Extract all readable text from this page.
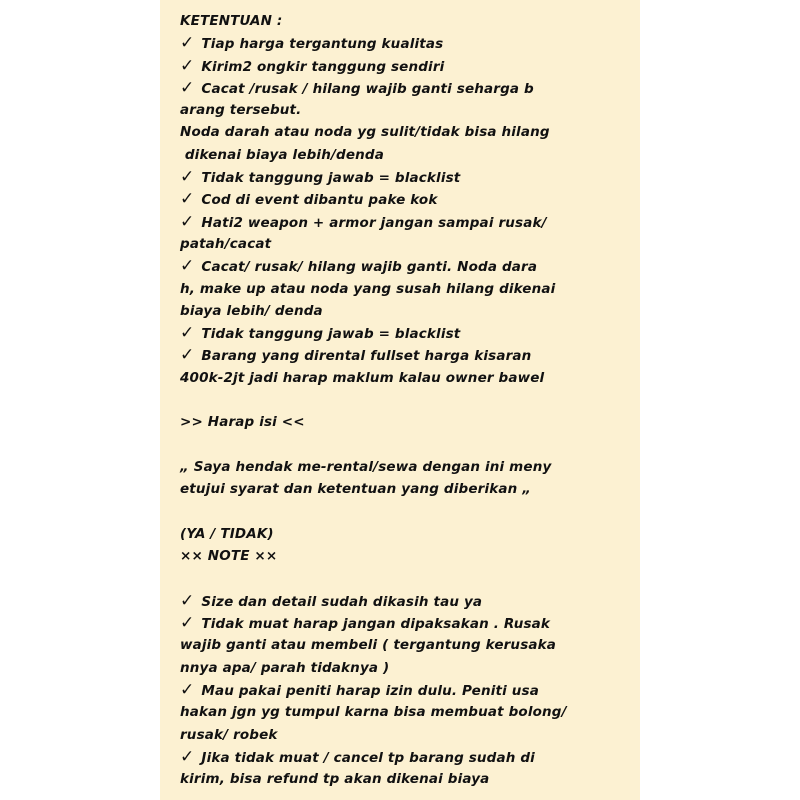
KETENTUAN :
✓ Tiap harga tergantung kualitas
✓ Kirim2 ongkir tanggung sendiri
✓ Cacat /rusak / hilang wajib ganti seharga b
arang tersebut.
Noda darah atau noda yg sulit/tidak bisa hilang
dikenai biaya lebih/denda
✓ Tidak tanggung jawab = blacklist
✓ Cod di event dibantu pake kok
✓ Hati2 weapon + armor jangan sampai rusak/
patah/cacat
✓ Cacat/ rusak/ hilang wajib ganti. Noda dara
h, make up atau noda yang susah hilang dikenai
biaya lebih/ denda
✓ Tidak tanggung jawab = blacklist
✓ Barang yang dirental fullset harga kisaran
400k-2jt jadi harap maklum kalau owner bawel
>> Harap isi <<
„ Saya hendak me-rental/sewa dengan ini meny
etujui syarat dan ketentuan yang diberikan „
(YA / TIDAK)
×× NOTE ××
✓ Size dan detail sudah dikasih tau ya
✓ Tidak muat harap jangan dipaksakan . Rusak
wajib ganti atau membeli ( tergantung kerusaka
nnya apa/ parah tidaknya )
✓ Mau pakai peniti harap izin dulu. Peniti usa
hakan jgn yg tumpul karna bisa membuat bolong/
rusak/ robek
✓ Jika tidak muat / cancel tp barang sudah di
kirim, bisa refund tp akan dikenai biaya
